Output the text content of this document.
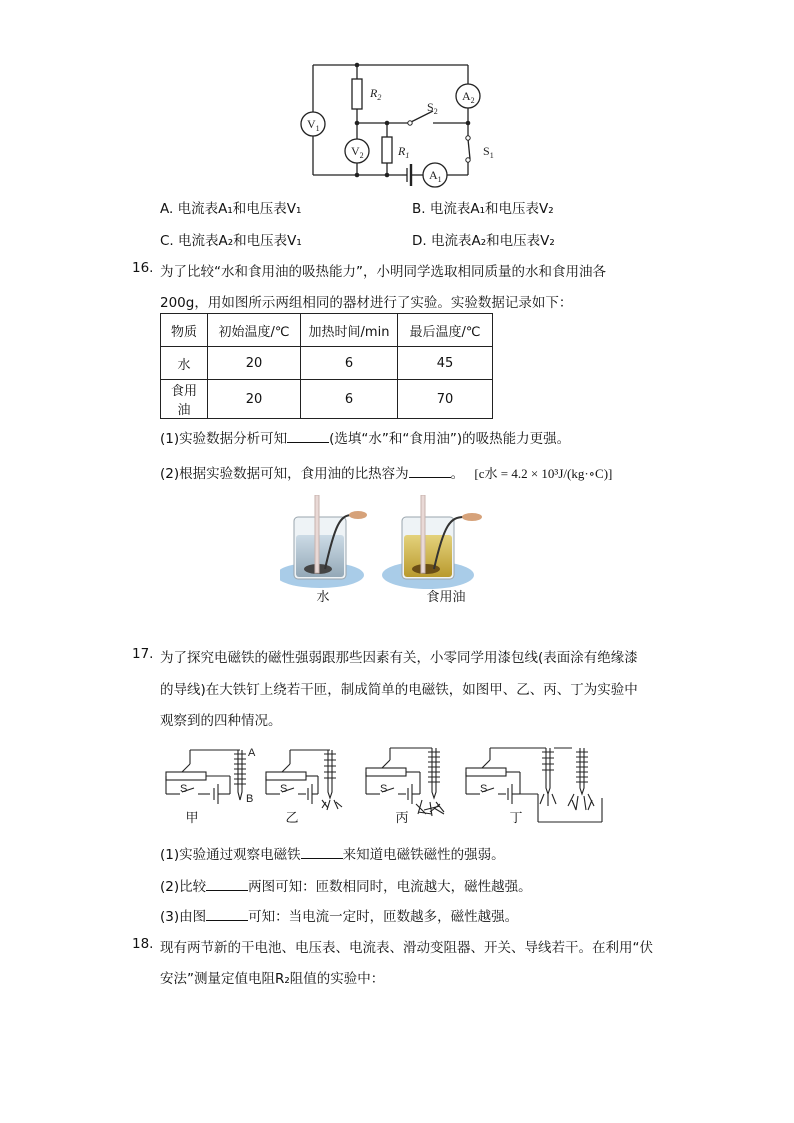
$V_1$
$V_2$
$A_2$
$A_1$
$R_2$
$R_1$
$S_2$
$S_1$
A. 电流表A₁和电压表V₁	B. 电流表A₁和电压表V₂
C. 电流表A₂和电压表V₁	D. 电流表A₂和电压表V₂
16. 为了比较“水和食用油的吸热能力”，小明同学选取相同质量的水和食用油各
200g，用如图所示两组相同的器材进行了实验。实验数据记录如下：
物质	初始温度/℃	加热时间/min	最后温度/℃
水	20	6	45
食用油	20	6	70
(1)实验数据分析可知	(选填“水”和“食用油”)的吸热能力更强。
(2)根据实验数据可知，食用油的比热容为	。 [c水 = 4.2 × 10³J/(kg·∘C)]
水	食用油
17. 为了探究电磁铁的磁性强弱跟那些因素有关，小零同学用漆包线(表面涂有绝缘漆
的导线)在大铁钉上绕若干匝，制成简单的电磁铁，如图甲、乙、丙、丁为实验中
观察到的四种情况。
S	S	S	S
A
B
甲	乙	丙	丁
(1)实验通过观察电磁铁	来知道电磁铁磁性的强弱。
(2)比较	两图可知：匝数相同时，电流越大，磁性越强。
(3)由图	可知：当电流一定时，匝数越多，磁性越强。
18. 现有两节新的干电池、电压表、电流表、滑动变阻器、开关、导线若干。在利用“伏
安法”测量定值电阻R₂阻值的实验中：
